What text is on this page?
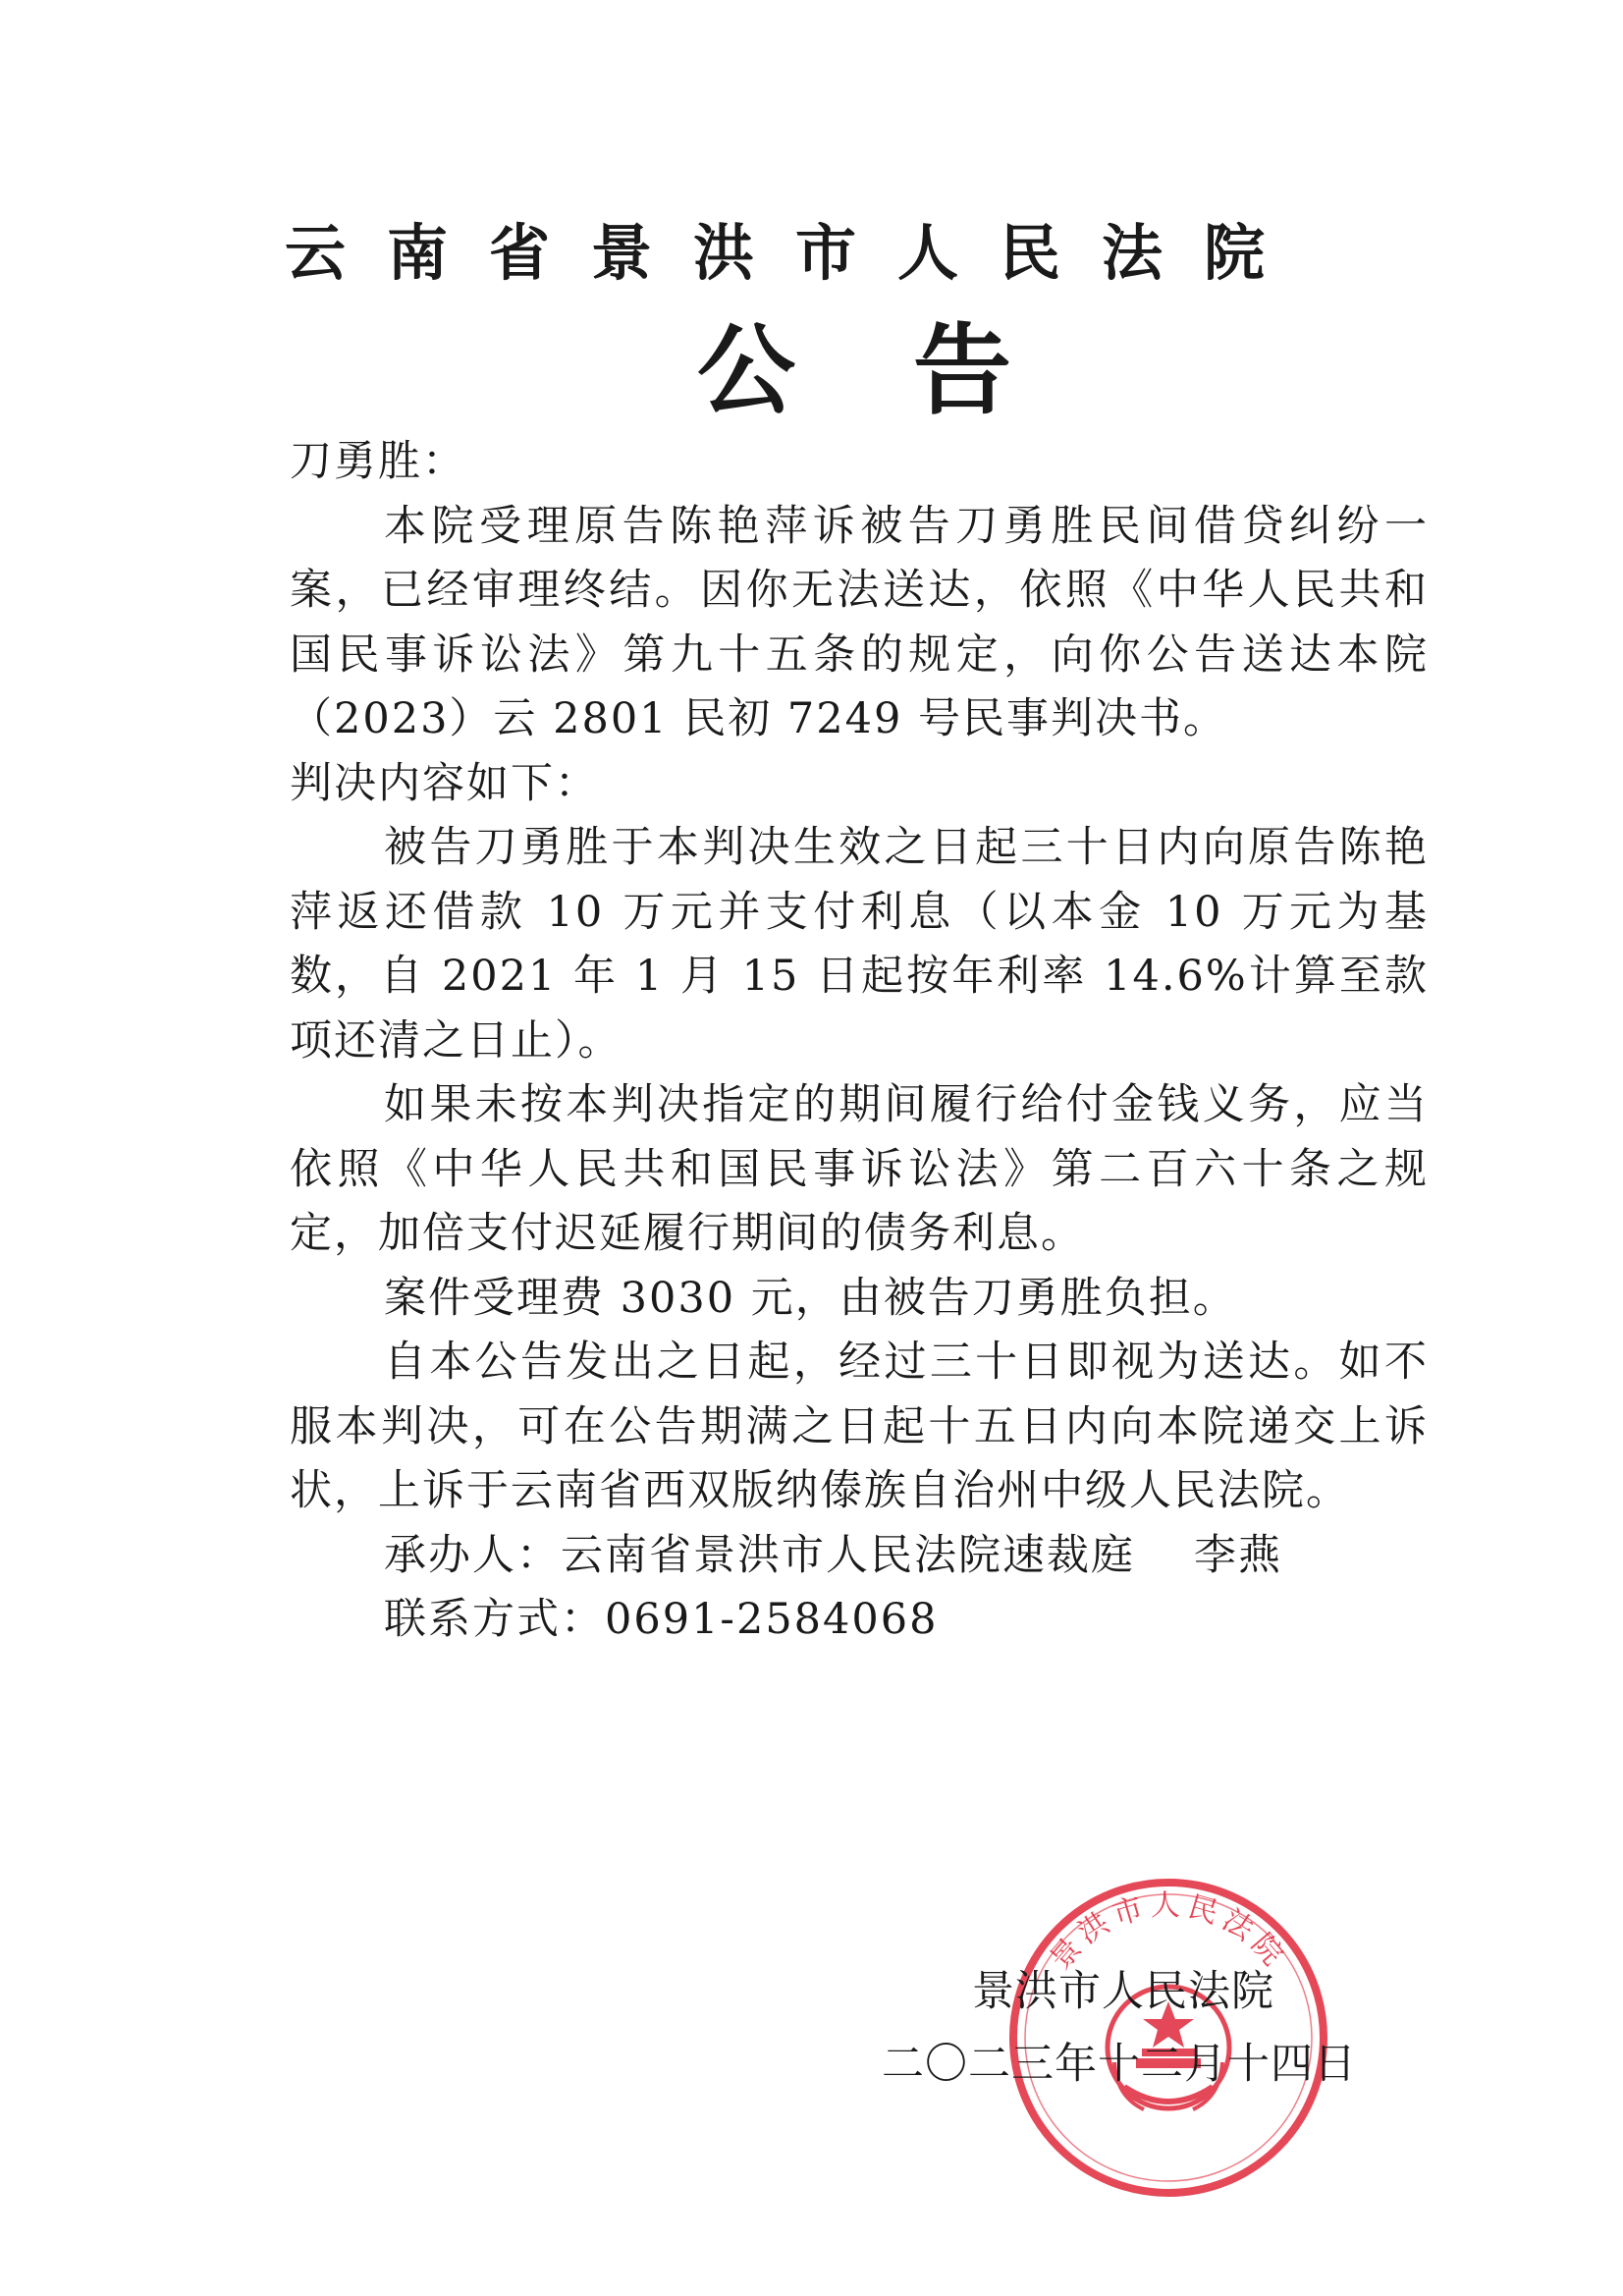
云南省景洪市人民法院
公告

刀勇胜：

本院受理原告陈艳萍诉被告刀勇胜民间借贷纠纷一案，已经审理终结。因你无法送达，依照《中华人民共和国民事诉讼法》第九十五条的规定，向你公告送达本院（2023）云 2801 民初 7249 号民事判决书。

判决内容如下：

被告刀勇胜于本判决生效之日起三十日内向原告陈艳萍返还借款 10 万元并支付利息（以本金 10 万元为基数，自 2021 年 1 月 15 日起按年利率 14.6%计算至款项还清之日止）。

如果未按本判决指定的期间履行给付金钱义务，应当依照《中华人民共和国民事诉讼法》第二百六十条之规定，加倍支付迟延履行期间的债务利息。

案件受理费 3030 元，由被告刀勇胜负担。

自本公告发出之日起，经过三十日即视为送达。如不服本判决，可在公告期满之日起十五日内向本院递交上诉状，上诉于云南省西双版纳傣族自治州中级人民法院。

承办人：云南省景洪市人民法院速裁庭 李燕

联系方式：0691-2584068

景洪市人民法院
景洪市人民法院
二〇二三年十二月十四日
